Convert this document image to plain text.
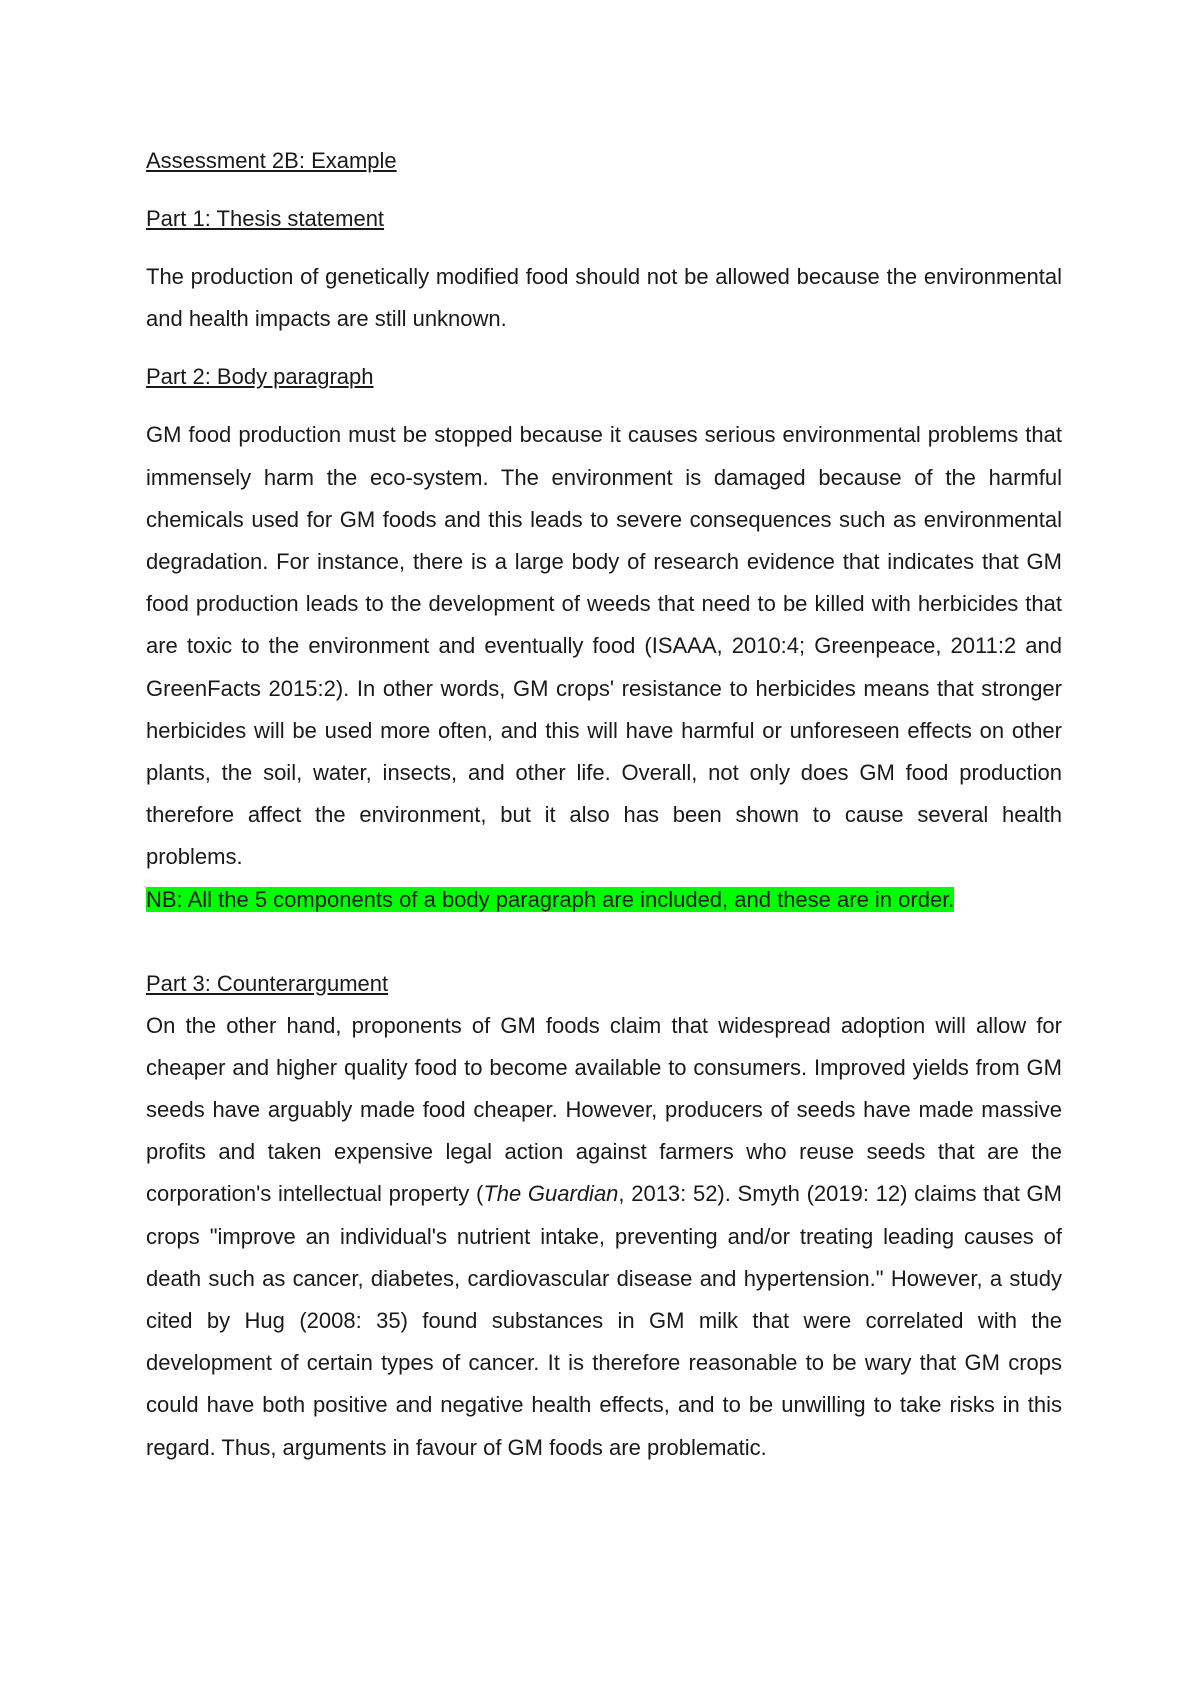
Assessment 2B: Example

Part 1: Thesis statement

The production of genetically modified food should not be allowed because the environmental and health impacts are still unknown.

Part 2: Body paragraph

GM food production must be stopped because it causes serious environmental problems that immensely harm the eco-system. The environment is damaged because of the harmful chemicals used for GM foods and this leads to severe consequences such as environmental degradation. For instance, there is a large body of research evidence that indicates that GM food production leads to the development of weeds that need to be killed with herbicides that are toxic to the environment and eventually food (ISAAA, 2010:4; Greenpeace, 2011:2 and GreenFacts 2015:2). In other words, GM crops' resistance to herbicides means that stronger herbicides will be used more often, and this will have harmful or unforeseen effects on other plants, the soil, water, insects, and other life. Overall, not only does GM food production therefore affect the environment, but it also has been shown to cause several health problems.

NB: All the 5 components of a body paragraph are included, and these are in order.

Part 3: Counterargument

On the other hand, proponents of GM foods claim that widespread adoption will allow for cheaper and higher quality food to become available to consumers. Improved yields from GM seeds have arguably made food cheaper. However, producers of seeds have made massive profits and taken expensive legal action against farmers who reuse seeds that are the corporation's intellectual property (The Guardian, 2013: 52). Smyth (2019: 12) claims that GM crops "improve an individual's nutrient intake, preventing and/or treating leading causes of death such as cancer, diabetes, cardiovascular disease and hypertension." However, a study cited by Hug (2008: 35) found substances in GM milk that were correlated with the development of certain types of cancer. It is therefore reasonable to be wary that GM crops could have both positive and negative health effects, and to be unwilling to take risks in this regard. Thus, arguments in favour of GM foods are problematic.
